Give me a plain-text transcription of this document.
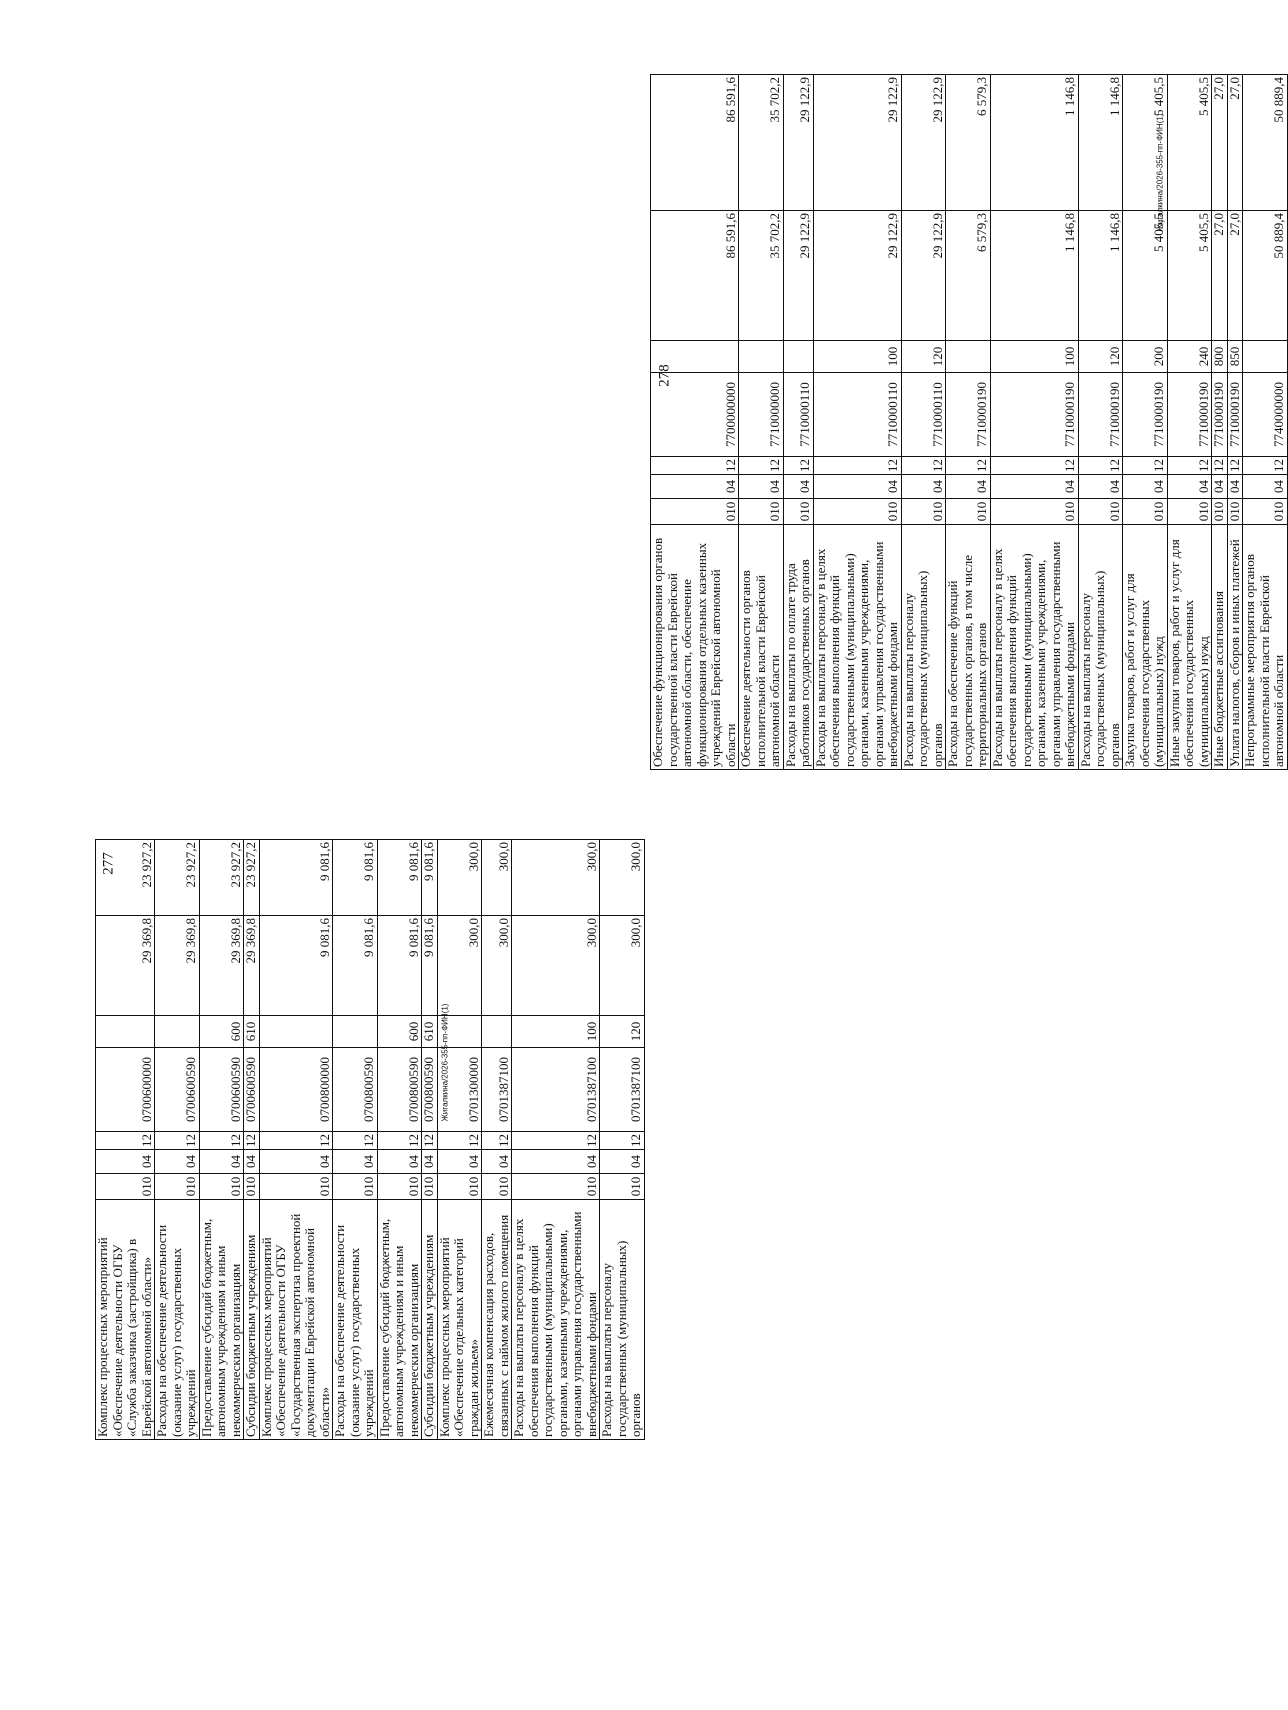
277
Комплекс процессных мероприятий «Обеспечение деятельности ОГБУ «Служба заказчика (застройщика) в Еврейской автономной области»	010	04	12	0700600000		29 369,8	23 927,2
Расходы на обеспечение деятельности (оказание услуг) государственных учреждений	010	04	12	0700600590		29 369,8	23 927,2
Предоставление субсидий бюджетным, автономным учреждениям и иным некоммерческим организациям	010	04	12	0700600590	600	29 369,8	23 927,2
Субсидии бюджетным учреждениям	010	04	12	0700600590	610	29 369,8	23 927,2
Комплекс процессных мероприятий «Обеспечение деятельности ОГБУ «Государственная экспертиза проектной документации Еврейской автономной области»	010	04	12	0700800000		9 081,6	9 081,6
Расходы на обеспечение деятельности (оказание услуг) государственных учреждений	010	04	12	0700800590		9 081,6	9 081,6
Предоставление субсидий бюджетным, автономным учреждениям и иным некоммерческим организациям	010	04	12	0700800590	600	9 081,6	9 081,6
Субсидии бюджетным учреждениям	010	04	12	0700800590	610	9 081,6	9 081,6
Комплекс процессных мероприятий «Обеспечение отдельных категорий граждан жильем»	010	04	12	0701300000		300,0	300,0
Ежемесячная компенсация расходов, связанных с наймом жилого помещения	010	04	12	0701387100		300,0	300,0
Расходы на выплаты персоналу в целях обеспечения выполнения функций государственными (муниципальными) органами, казенными учреждениями, органами управления государственными внебюджетными фондами	010	04	12	0701387100	100	300,0	300,0
Расходы на выплаты персоналу государственных (муниципальных) органов	010	04	12	0701387100	120	300,0	300,0
Жигалкина/2026-355-пп-ФИН(1)
278
Обеспечение функционирования органов государственной власти Еврейской автономной области, обеспечение функционирования отдельных казенных учреждений Еврейской автономной области	010	04	12	7700000000		86 591,6	86 591,6
Обеспечение деятельности органов исполнительной власти Еврейской автономной области	010	04	12	7710000000		35 702,2	35 702,2
Расходы на выплаты по оплате труда работников государственных органов	010	04	12	7710000110		29 122,9	29 122,9
Расходы на выплаты персоналу в целях обеспечения выполнения функций государственными (муниципальными) органами, казенными учреждениями, органами управления государственными внебюджетными фондами	010	04	12	7710000110	100	29 122,9	29 122,9
Расходы на выплаты персоналу государственных (муниципальных) органов	010	04	12	7710000110	120	29 122,9	29 122,9
Расходы на обеспечение функций государственных органов, в том числе территориальных органов	010	04	12	7710000190		6 579,3	6 579,3
Расходы на выплаты персоналу в целях обеспечения выполнения функций государственными (муниципальными) органами, казенными учреждениями, органами управления государственными внебюджетными фондами	010	04	12	7710000190	100	1 146,8	1 146,8
Расходы на выплаты персоналу государственных (муниципальных) органов	010	04	12	7710000190	120	1 146,8	1 146,8
Закупка товаров, работ и услуг для обеспечения государственных (муниципальных) нужд	010	04	12	7710000190	200	5 405,5	5 405,5
Иные закупки товаров, работ и услуг для обеспечения государственных (муниципальных) нужд	010	04	12	7710000190	240	5 405,5	5 405,5
Иные бюджетные ассигнования	010	04	12	7710000190	800	27,0	27,0
Уплата налогов, сборов и иных платежей	010	04	12	7710000190	850	27,0	27,0
Непрограммные мероприятия органов исполнительной власти Еврейской автономной области	010	04	12	7740000000		50 889,4	50 889,4
Жигалкина/2026-355-пп-ФИН(1)
